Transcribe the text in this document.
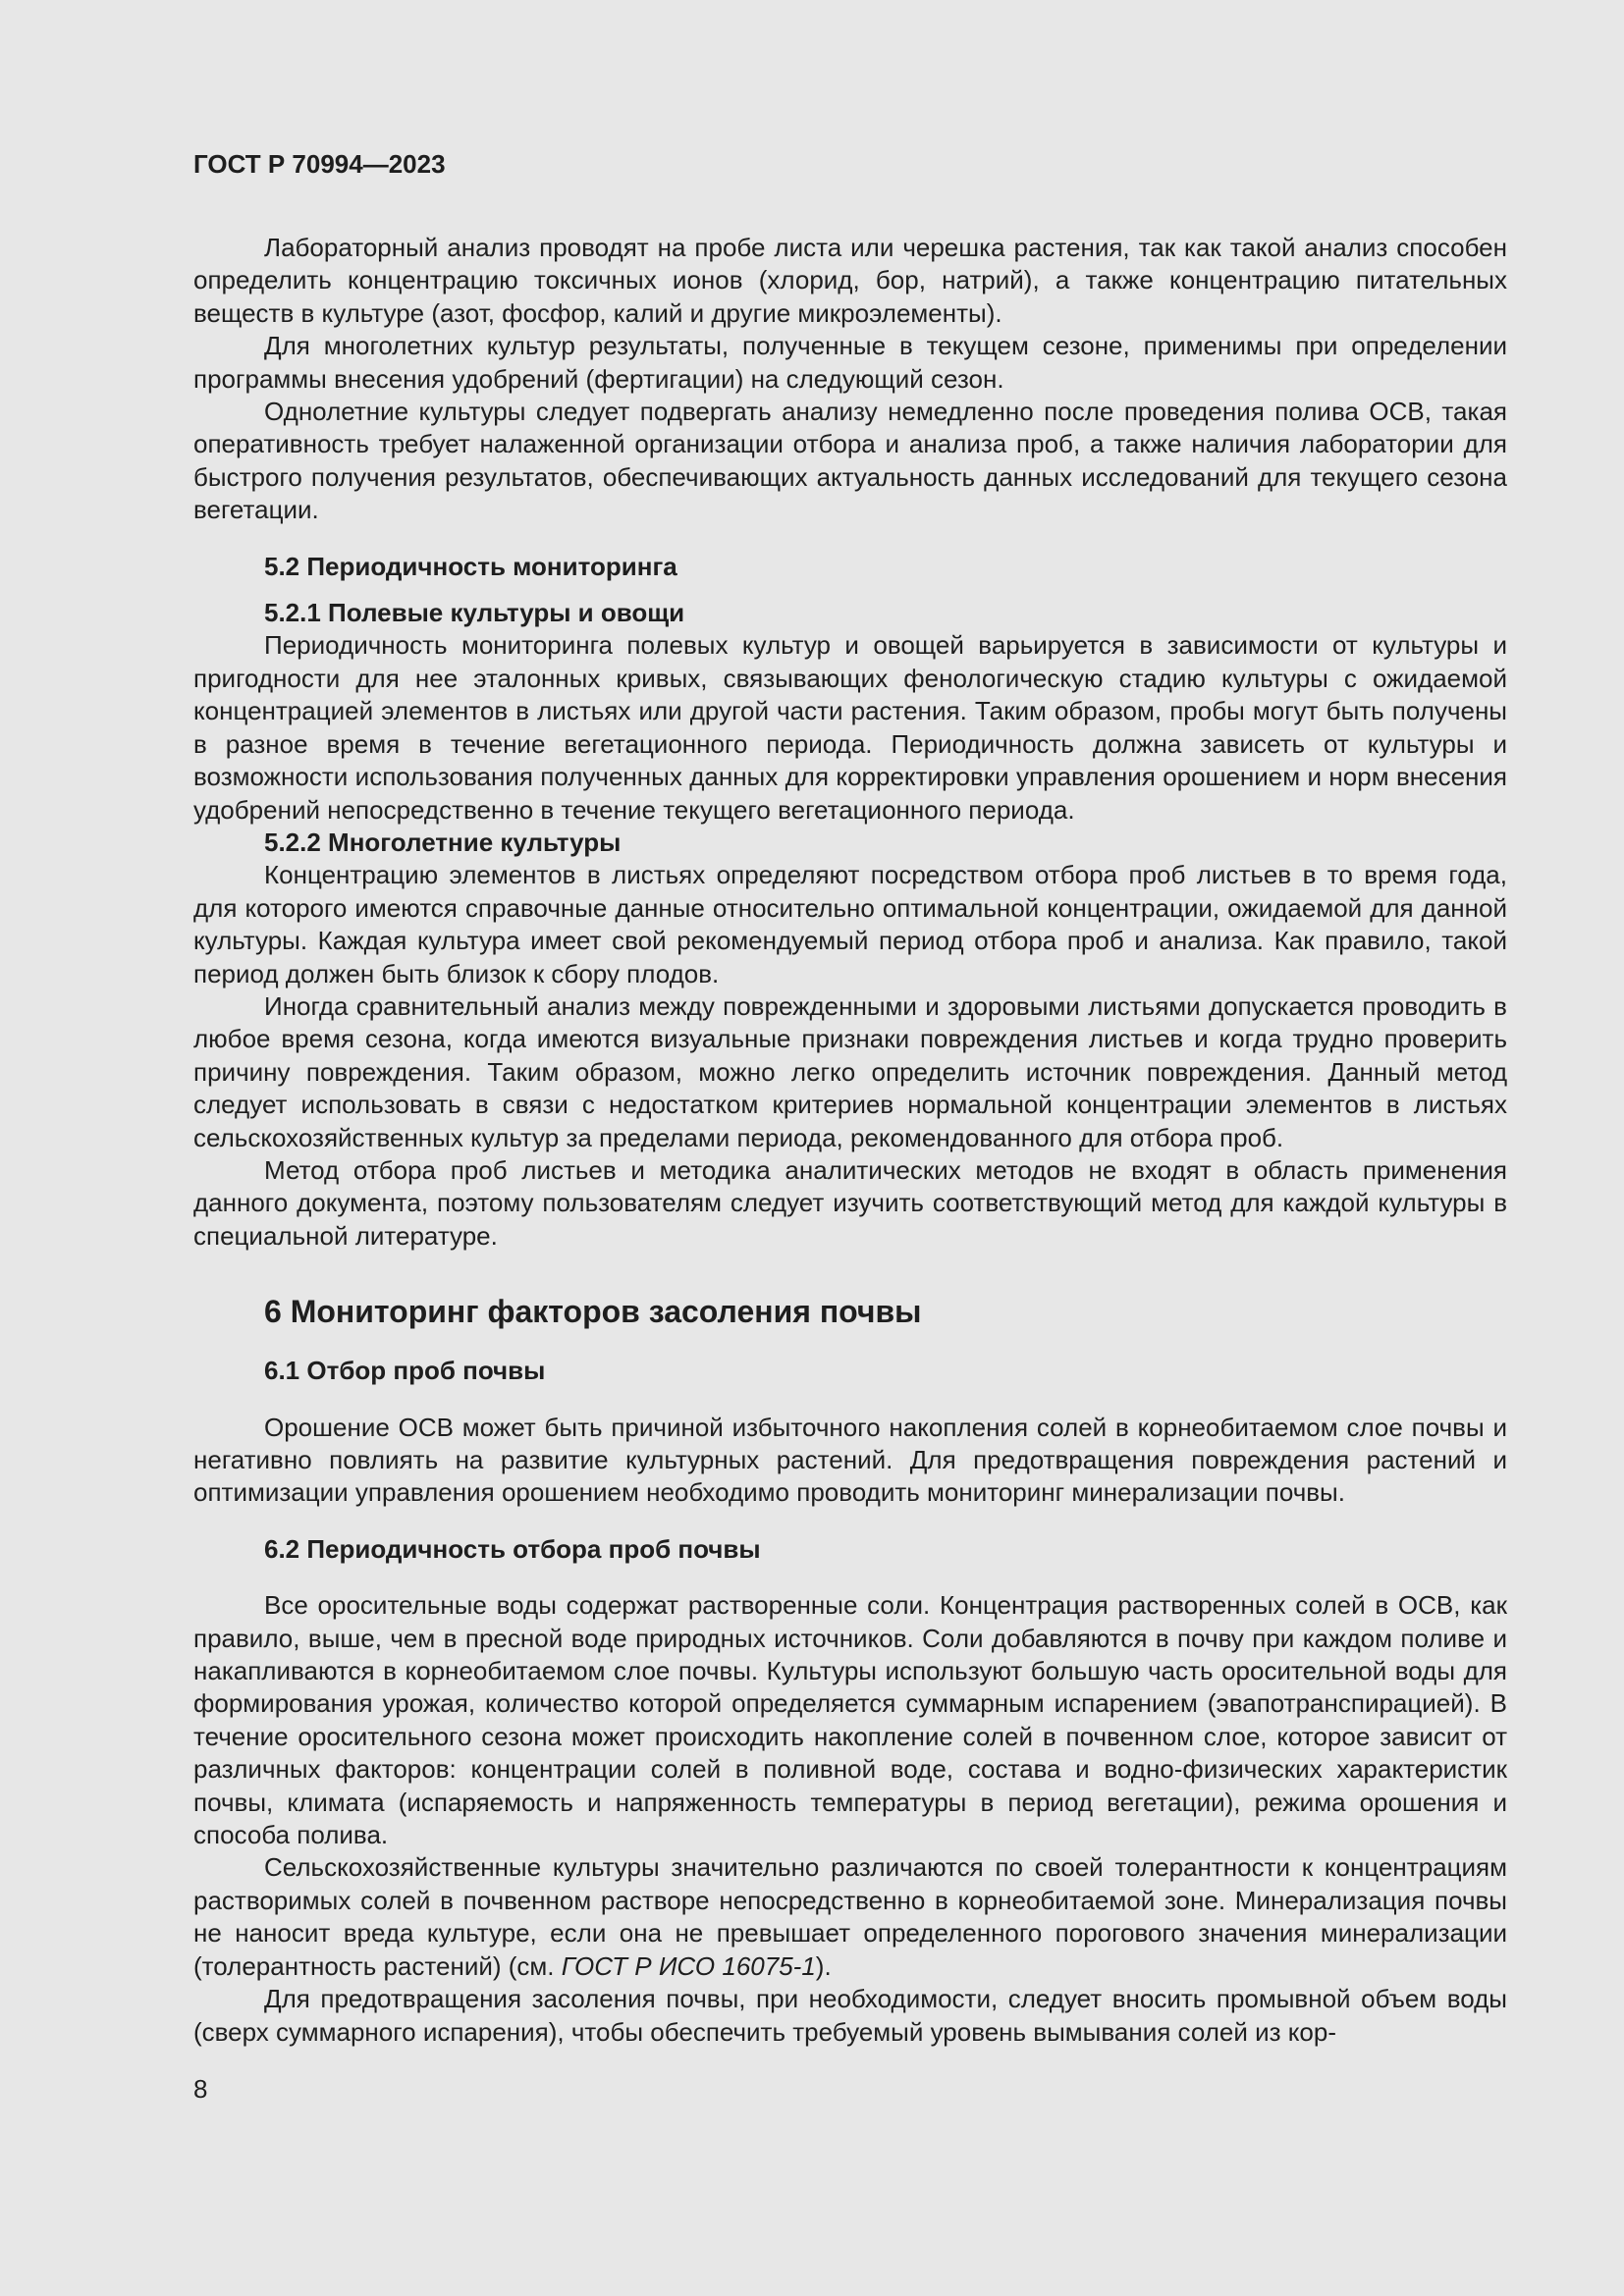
ГОСТ Р 70994—2023

Лабораторный анализ проводят на пробе листа или черешка растения, так как такой анализ способен определить концентрацию токсичных ионов (хлорид, бор, натрий), а также концентрацию питательных веществ в культуре (азот, фосфор, калий и другие микроэлементы).

Для многолетних культур результаты, полученные в текущем сезоне, применимы при определении программы внесения удобрений (фертигации) на следующий сезон.

Однолетние культуры следует подвергать анализу немедленно после проведения полива ОСВ, такая оперативность требует налаженной организации отбора и анализа проб, а также наличия лаборатории для быстрого получения результатов, обеспечивающих актуальность данных исследований для текущего сезона вегетации.

5.2 Периодичность мониторинга
5.2.1 Полевые культуры и овощи

Периодичность мониторинга полевых культур и овощей варьируется в зависимости от культуры и пригодности для нее эталонных кривых, связывающих фенологическую стадию культуры с ожидаемой концентрацией элементов в листьях или другой части растения. Таким образом, пробы могут быть получены в разное время в течение вегетационного периода. Периодичность должна зависеть от культуры и возможности использования полученных данных для корректировки управления орошением и норм внесения удобрений непосредственно в течение текущего вегетационного периода.

5.2.2 Многолетние культуры

Концентрацию элементов в листьях определяют посредством отбора проб листьев в то время года, для которого имеются справочные данные относительно оптимальной концентрации, ожидаемой для данной культуры. Каждая культура имеет свой рекомендуемый период отбора проб и анализа. Как правило, такой период должен быть близок к сбору плодов.

Иногда сравнительный анализ между поврежденными и здоровыми листьями допускается проводить в любое время сезона, когда имеются визуальные признаки повреждения листьев и когда трудно проверить причину повреждения. Таким образом, можно легко определить источник повреждения. Данный метод следует использовать в связи с недостатком критериев нормальной концентрации элементов в листьях сельскохозяйственных культур за пределами периода, рекомендованного для отбора проб.

Метод отбора проб листьев и методика аналитических методов не входят в область применения данного документа, поэтому пользователям следует изучить соответствующий метод для каждой культуры в специальной литературе.

6 Мониторинг факторов засоления почвы
6.1 Отбор проб почвы

Орошение ОСВ может быть причиной избыточного накопления солей в корнеобитаемом слое почвы и негативно повлиять на развитие культурных растений. Для предотвращения повреждения растений и оптимизации управления орошением необходимо проводить мониторинг минерализации почвы.

6.2 Периодичность отбора проб почвы

Все оросительные воды содержат растворенные соли. Концентрация растворенных солей в ОСВ, как правило, выше, чем в пресной воде природных источников. Соли добавляются в почву при каждом поливе и накапливаются в корнеобитаемом слое почвы. Культуры используют большую часть оросительной воды для формирования урожая, количество которой определяется суммарным испарением (эвапотранспирацией). В течение оросительного сезона может происходить накопление солей в почвенном слое, которое зависит от различных факторов: концентрации солей в поливной воде, состава и водно-физических характеристик почвы, климата (испаряемость и напряженность температуры в период вегетации), режима орошения и способа полива.

Сельскохозяйственные культуры значительно различаются по своей толерантности к концентрациям растворимых солей в почвенном растворе непосредственно в корнеобитаемой зоне. Минерализация почвы не наносит вреда культуре, если она не превышает определенного порогового значения минерализации (толерантность растений) (см. ГОСТ Р ИСО 16075-1).

Для предотвращения засоления почвы, при необходимости, следует вносить промывной объем воды (сверх суммарного испарения), чтобы обеспечить требуемый уровень вымывания солей из кор-

8
